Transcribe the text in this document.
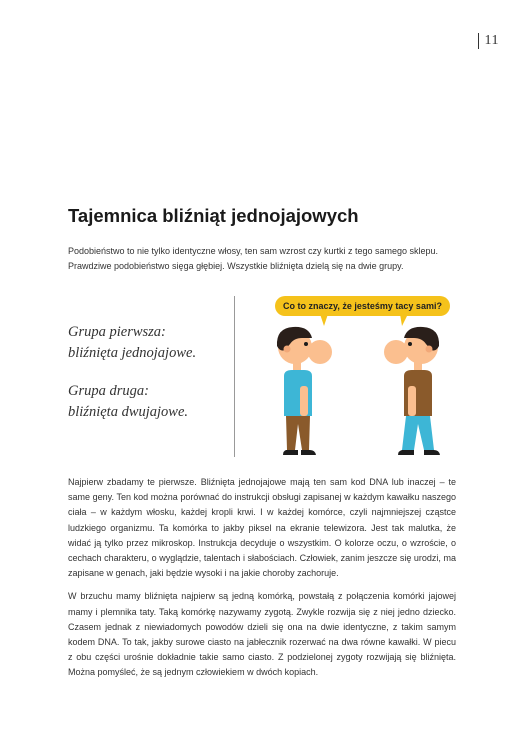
11
Tajemnica bliźniąt jednojajowych

Podobieństwo to nie tylko identyczne włosy, ten sam wzrost czy kurtki z tego samego sklepu. Prawdziwe podobieństwo sięga głębiej. Wszystkie bliźnięta dzielą się na dwie grupy.

Grupa pierwsza:
bliźnięta jednojajowe.
Grupa druga:
bliźnięta dwujajowe.
Co to znaczy, że jesteśmy tacy sami?

Najpierw zbadamy te pierwsze. Bliźnięta jednojajowe mają ten sam kod DNA lub inaczej – te same geny. Ten kod można porównać do instrukcji obsługi zapisanej w każdym kawałku naszego ciała – w każdym włosku, każdej kropli krwi. I w każdej komórce, czyli najmniejszej cząstce ludzkiego organizmu. Ta komórka to jakby piksel na ekranie telewizora. Jest tak malutka, że widać ją tylko przez mikroskop. Instrukcja decyduje o wszystkim. O kolorze oczu, o wzroście, o cechach charakteru, o wyglądzie, talentach i słabościach. Człowiek, zanim jeszcze się urodzi, ma zapisane w genach, jaki będzie wysoki i na jakie choroby zachoruje.

W brzuchu mamy bliźnięta najpierw są jedną komórką, powstałą z połączenia komórki jajowej mamy i plemnika taty. Taką komórkę nazywamy zygotą. Zwykle rozwija się z niej jedno dziecko. Czasem jednak z niewiadomych powodów dzieli się ona na dwie identyczne, z takim samym kodem DNA. To tak, jakby surowe ciasto na jabłecznik rozerwać na dwa równe kawałki. W piecu z obu części urośnie dokładnie takie samo ciasto. Z podzielonej zygoty rozwijają się bliźnięta. Można pomyśleć, że są jednym człowiekiem w dwóch kopiach.
